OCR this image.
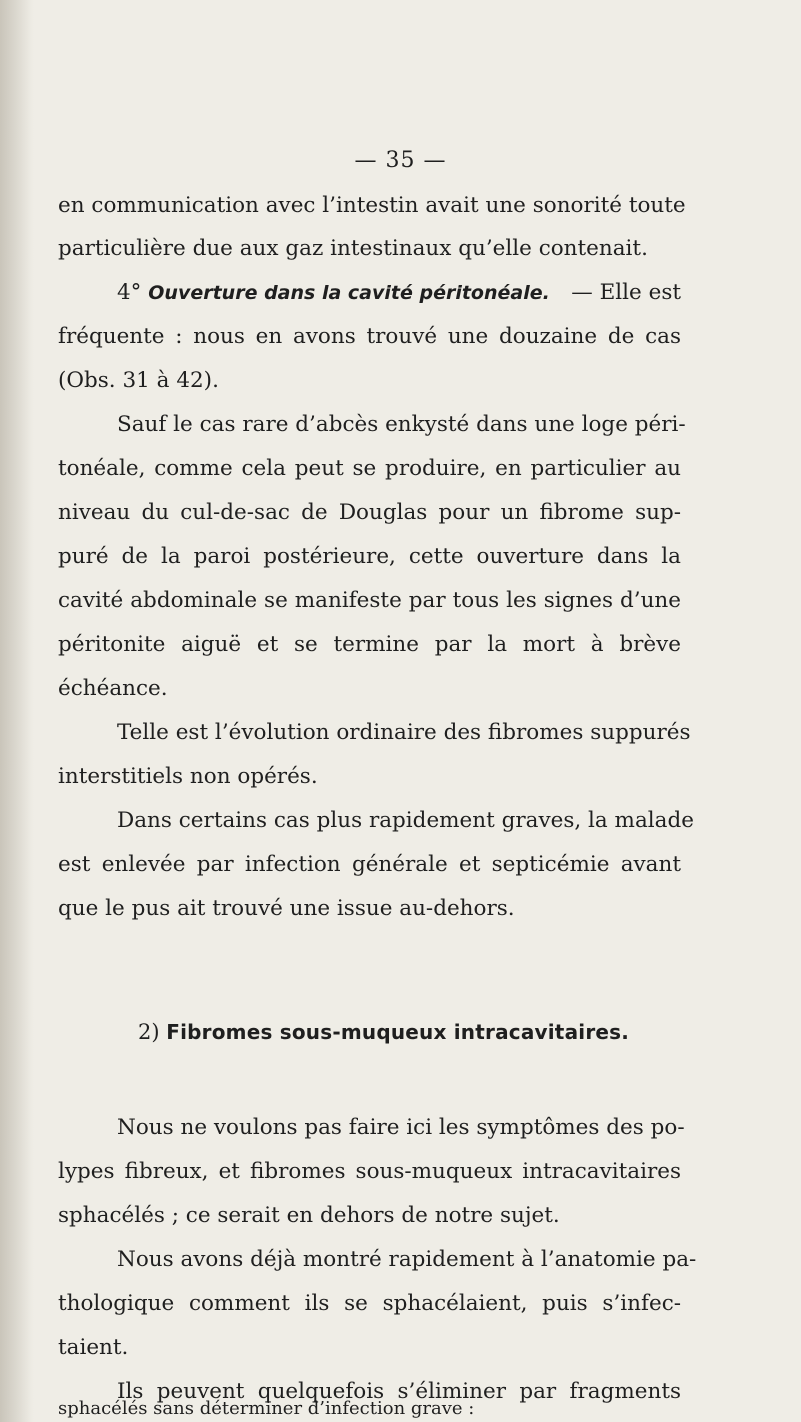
— 35 —
en communication avec l’intestin avait une sonorité toute
particulière due aux gaz intestinaux qu’elle contenait.
4° Ouverture dans la cavité péritonéale. — Elle est
fréquente : nous en avons trouvé une douzaine de cas
(Obs. 31 à 42).
Sauf le cas rare d’abcès enkysté dans une loge péri-
tonéale, comme cela peut se produire, en particulier au
niveau du cul-de-sac de Douglas pour un fibrome sup-
puré de la paroi postérieure, cette ouverture dans la
cavité abdominale se manifeste par tous les signes d’une
péritonite aiguë et se termine par la mort à brève
échéance.
Telle est l’évolution ordinaire des fibromes suppurés
interstitiels non opérés.
Dans certains cas plus rapidement graves, la malade
est enlevée par infection générale et septicémie avant
que le pus ait trouvé une issue au-dehors.
2) Fibromes sous-muqueux intracavitaires.
Nous ne voulons pas faire ici les symptômes des po-
lypes fibreux, et fibromes sous-muqueux intracavitaires
sphacélés ; ce serait en dehors de notre sujet.
Nous avons déjà montré rapidement à l’anatomie pa-
thologique comment ils se sphacélaient, puis s’infec-
taient.
Ils peuvent quelquefois s’éliminer par fragments
sphacélés sans déterminer d’infection grave :
